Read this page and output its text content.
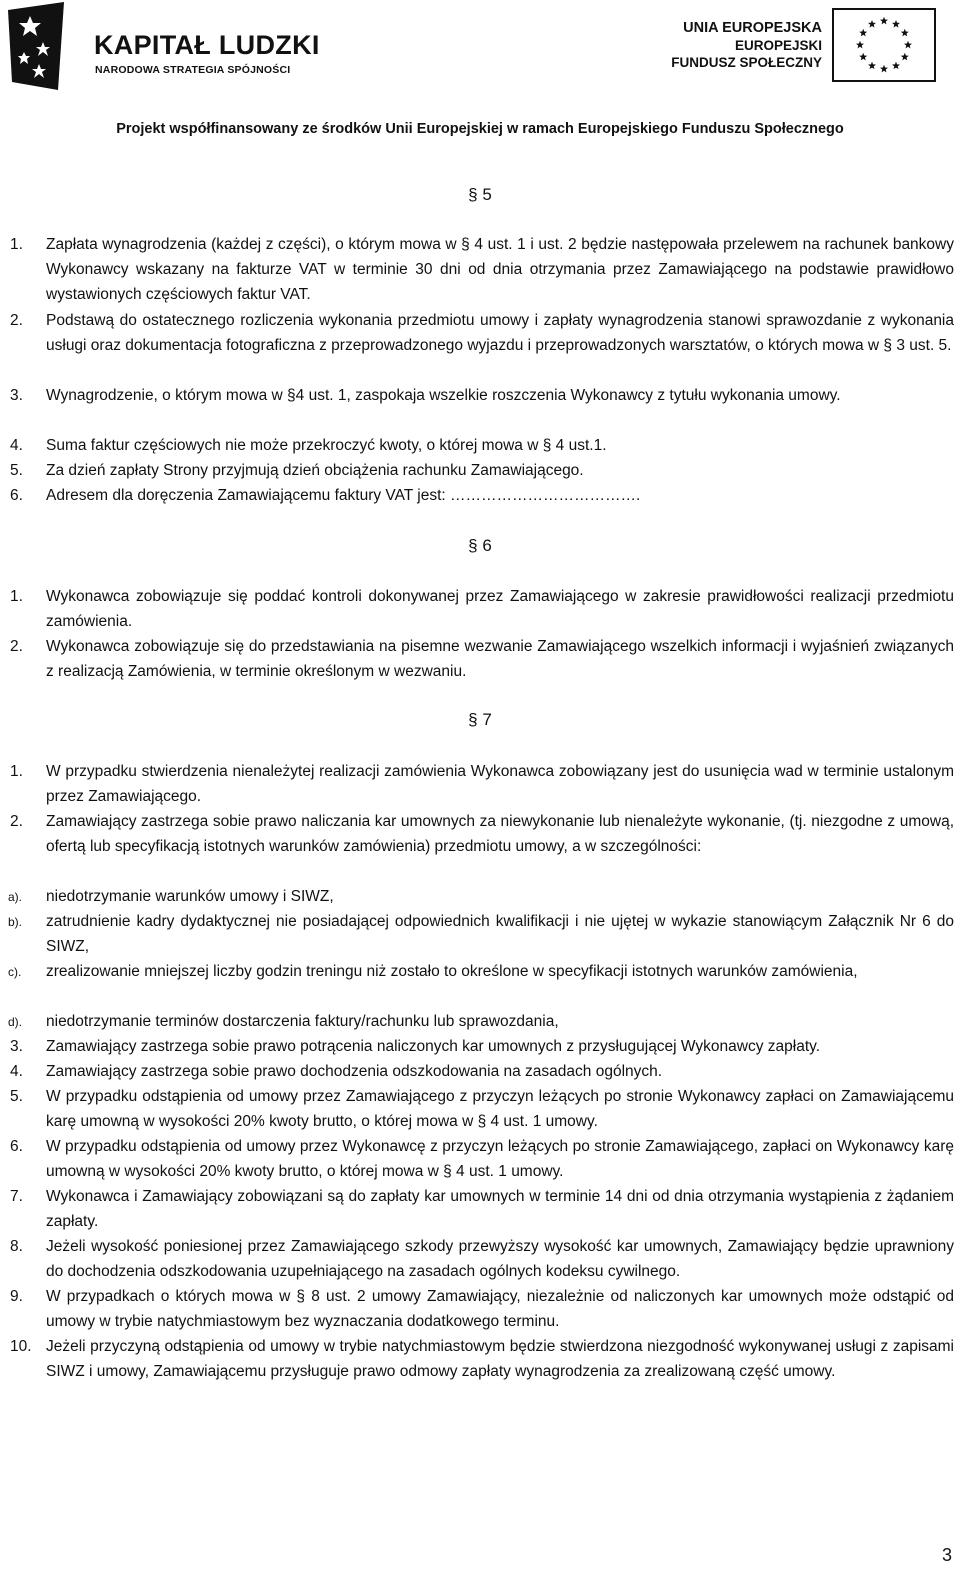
KAPITAŁ LUDZKI
NARODOWA STRATEGIA SPÓJNOŚCI
UNIA EUROPEJSKA
EUROPEJSKI
FUNDUSZ SPOŁECZNY
Projekt współfinansowany ze środków Unii Europejskiej w ramach Europejskiego Funduszu Społecznego
§ 5
1. Zapłata wynagrodzenia (każdej z części), o którym mowa w § 4 ust. 1 i ust. 2 będzie następowała przelewem na rachunek bankowy Wykonawcy wskazany na fakturze VAT w terminie 30 dni od dnia otrzymania przez Zamawiającego na podstawie prawidłowo wystawionych częściowych faktur VAT.
2. Podstawą do ostatecznego rozliczenia wykonania przedmiotu umowy i zapłaty wynagrodzenia stanowi sprawozdanie z wykonania usługi oraz dokumentacja fotograficzna z przeprowadzonego wyjazdu i przeprowadzonych warsztatów, o których mowa w § 3 ust. 5.
3. Wynagrodzenie, o którym mowa w §4 ust. 1, zaspokaja wszelkie roszczenia Wykonawcy z tytułu wykonania umowy.
4. Suma faktur częściowych nie może przekroczyć kwoty, o której mowa w § 4 ust.1.
5. Za dzień zapłaty Strony przyjmują dzień obciążenia rachunku Zamawiającego.
6. Adresem dla doręczenia Zamawiającemu faktury VAT jest: ……………………………….
§ 6
1. Wykonawca zobowiązuje się poddać kontroli dokonywanej przez Zamawiającego w zakresie prawidłowości realizacji przedmiotu zamówienia.
2. Wykonawca zobowiązuje się do przedstawiania na pisemne wezwanie Zamawiającego wszelkich informacji i wyjaśnień związanych z realizacją Zamówienia, w terminie określonym w wezwaniu.
§ 7
1. W przypadku stwierdzenia nienależytej realizacji zamówienia Wykonawca zobowiązany jest do usunięcia wad w terminie ustalonym przez Zamawiającego.
2. Zamawiający zastrzega sobie prawo naliczania kar umownych za niewykonanie lub nienależyte wykonanie, (tj. niezgodne z umową, ofertą lub specyfikacją istotnych warunków zamówienia) przedmiotu umowy, a w szczególności:
a). niedotrzymanie warunków umowy i SIWZ,
b). zatrudnienie kadry dydaktycznej nie posiadającej odpowiednich kwalifikacji i nie ujętej w wykazie stanowiącym Załącznik Nr 6 do SIWZ,
c). zrealizowanie mniejszej liczby godzin treningu niż zostało to określone w specyfikacji istotnych warunków zamówienia,
d). niedotrzymanie terminów dostarczenia faktury/rachunku lub sprawozdania,
3. Zamawiający zastrzega sobie prawo potrącenia naliczonych kar umownych z przysługującej Wykonawcy zapłaty.
4. Zamawiający zastrzega sobie prawo dochodzenia odszkodowania na zasadach ogólnych.
5. W przypadku odstąpienia od umowy przez Zamawiającego z przyczyn leżących po stronie Wykonawcy zapłaci on Zamawiającemu karę umowną w wysokości 20% kwoty brutto, o której mowa w § 4 ust. 1 umowy.
6. W przypadku odstąpienia od umowy przez Wykonawcę z przyczyn leżących po stronie Zamawiającego, zapłaci on Wykonawcy karę umowną w wysokości 20% kwoty brutto, o której mowa w § 4 ust. 1 umowy.
7. Wykonawca i Zamawiający zobowiązani są do zapłaty kar umownych w terminie 14 dni od dnia otrzymania wystąpienia z żądaniem zapłaty.
8. Jeżeli wysokość poniesionej przez Zamawiającego szkody przewyższy wysokość kar umownych, Zamawiający będzie uprawniony do dochodzenia odszkodowania uzupełniającego na zasadach ogólnych kodeksu cywilnego.
9. W przypadkach o których mowa w § 8 ust. 2 umowy Zamawiający, niezależnie od naliczonych kar umownych może odstąpić od umowy w trybie natychmiastowym bez wyznaczania dodatkowego terminu.
10. Jeżeli przyczyną odstąpienia od umowy w trybie natychmiastowym będzie stwierdzona niezgodność wykonywanej usługi z zapisami SIWZ i umowy, Zamawiającemu przysługuje prawo odmowy zapłaty wynagrodzenia za zrealizowaną część umowy.
3
